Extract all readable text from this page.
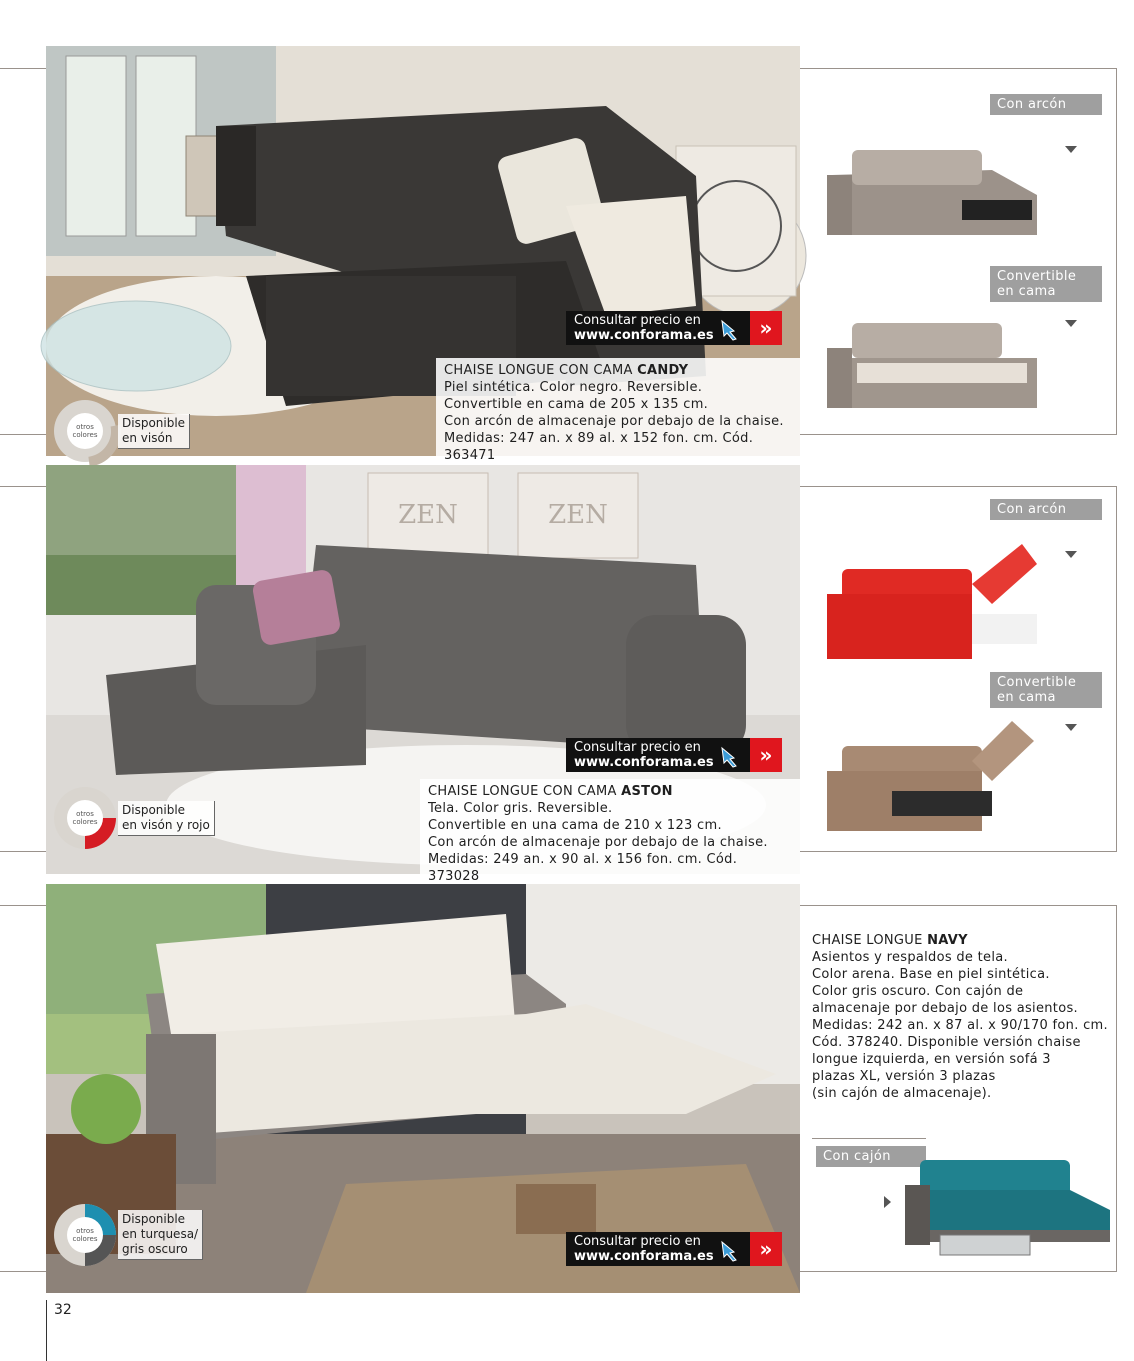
Consultar precio en
www.conforama.es	»
CHAISE LONGUE CON CAMA CANDY
Piel sintética. Color negro. Reversible.
Convertible en cama de 205 x 135 cm.
Con arcón de almacenaje por debajo de la chaise.
Medidas: 247 an. x 89 al. x 152 fon. cm. Cód. 363471
otros
colores
Disponible
en visón
Con arcón
Convertible
en cama
ZEN	ZEN
Consultar precio en
www.conforama.es	»
CHAISE LONGUE CON CAMA ASTON
Tela. Color gris. Reversible.
Convertible en una cama de 210 x 123 cm.
Con arcón de almacenaje por debajo de la chaise.
Medidas: 249 an. x 90 al. x 156 fon. cm. Cód. 373028
otros
colores
Disponible
en visón y rojo
Con arcón
Convertible
en cama
Consultar precio en
www.conforama.es	»
otros
colores
Disponible
en turquesa/
gris oscuro
CHAISE LONGUE NAVY
Asientos y respaldos de tela.
Color arena. Base en piel sintética.
Color gris oscuro. Con cajón de
almacenaje por debajo de los asientos.
Medidas: 242 an. x 87 al. x 90/170 fon. cm.
Cód. 378240. Disponible versión chaise
longue izquierda, en versión sofá 3
plazas XL, versión 3 plazas
(sin cajón de almacenaje).
Con cajón
32
